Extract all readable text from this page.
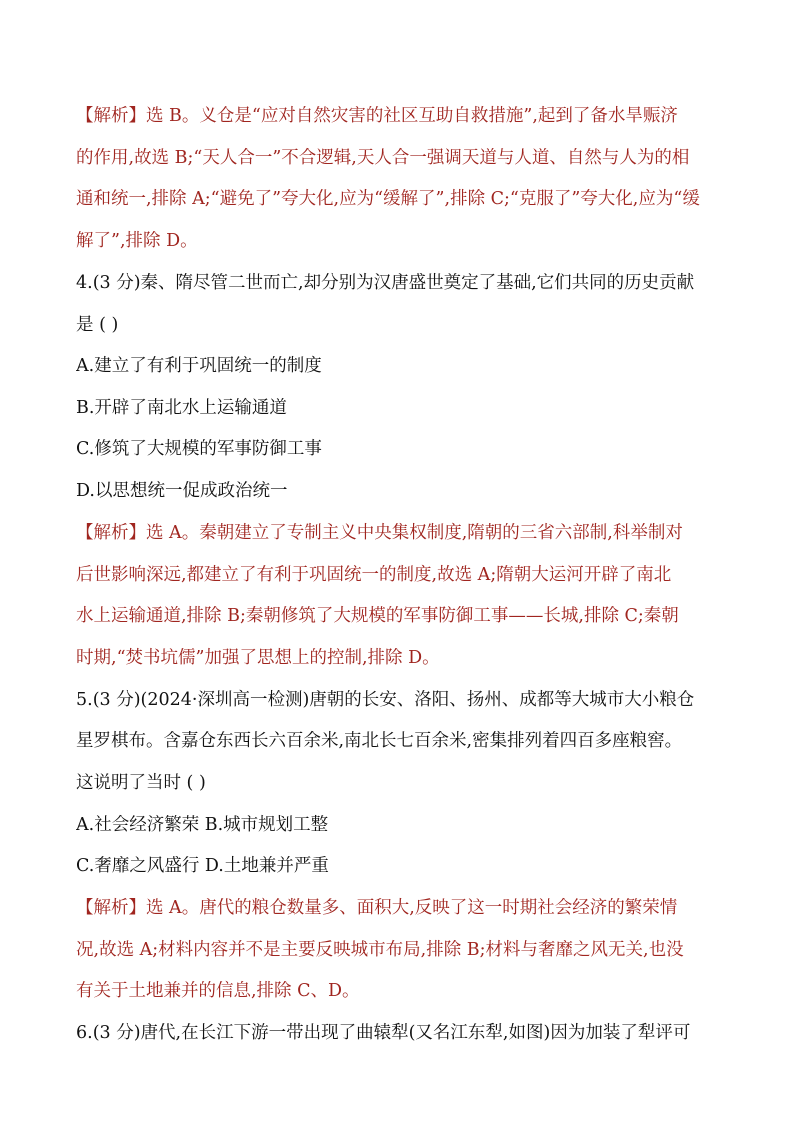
【解析】选 B。义仓是“应对自然灾害的社区互助自救措施”,起到了备水旱赈济
的作用,故选 B;“天人合一”不合逻辑,天人合一强调天道与人道、自然与人为的相
通和统一,排除 A;“避免了”夸大化,应为“缓解了”,排除 C;“克服了”夸大化,应为“缓
解了”,排除 D。
4.(3 分)秦、隋尽管二世而亡,却分别为汉唐盛世奠定了基础,它们共同的历史贡献
是 ( )
A.建立了有利于巩固统一的制度
B.开辟了南北水上运输通道
C.修筑了大规模的军事防御工事
D.以思想统一促成政治统一
【解析】选 A。秦朝建立了专制主义中央集权制度,隋朝的三省六部制,科举制对
后世影响深远,都建立了有利于巩固统一的制度,故选 A;隋朝大运河开辟了南北
水上运输通道,排除 B;秦朝修筑了大规模的军事防御工事——长城,排除 C;秦朝
时期,“焚书坑儒”加强了思想上的控制,排除 D。
5.(3 分)(2024·深圳高一检测)唐朝的长安、洛阳、扬州、成都等大城市大小粮仓
星罗棋布。含嘉仓东西长六百余米,南北长七百余米,密集排列着四百多座粮窖。
这说明了当时 ( )
A.社会经济繁荣 B.城市规划工整
C.奢靡之风盛行 D.土地兼并严重
【解析】选 A。唐代的粮仓数量多、面积大,反映了这一时期社会经济的繁荣情
况,故选 A;材料内容并不是主要反映城市布局,排除 B;材料与奢靡之风无关,也没
有关于土地兼并的信息,排除 C、D。
6.(3 分)唐代,在长江下游一带出现了曲辕犁(又名江东犁,如图)因为加装了犁评可
